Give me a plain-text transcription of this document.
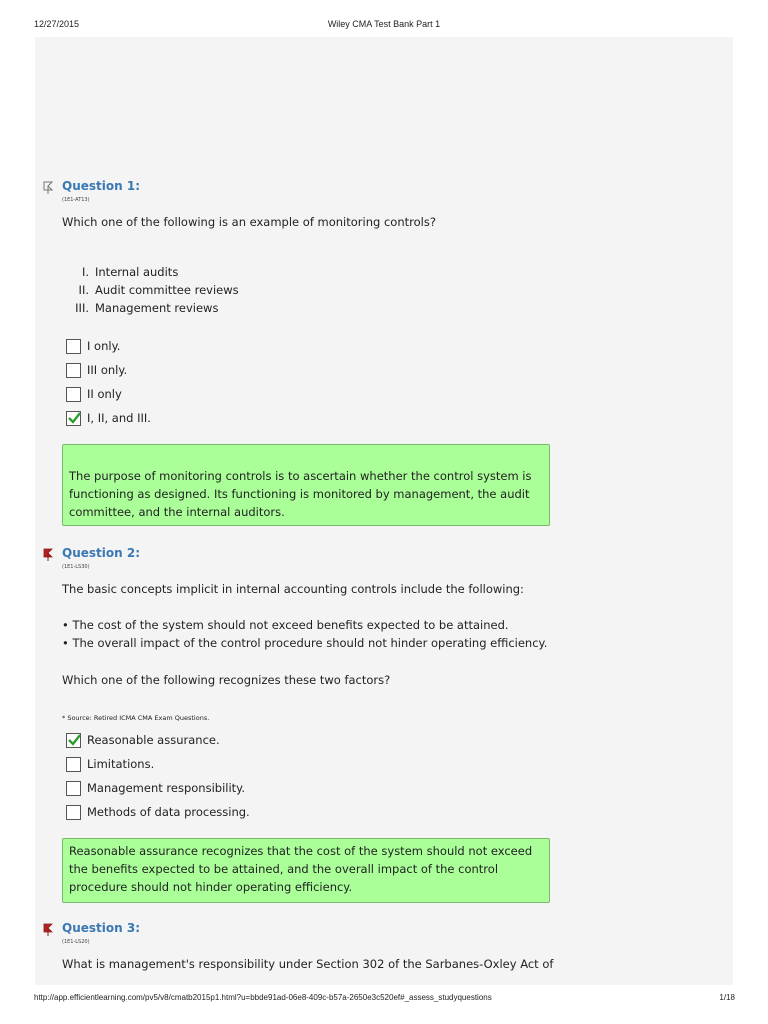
12/27/2015	Wiley CMA Test Bank Part 1
Question 1:
(1E1-AT13)
Which one of the following is an example of monitoring controls?
I. Internal audits
II. Audit committee reviews
III. Management reviews
I only.
III only.
II only
I, II, and III.
The purpose of monitoring controls is to ascertain whether the control system is functioning as designed. Its functioning is monitored by management, the audit committee, and the internal auditors.
Question 2:
(1E1-LS30)
The basic concepts implicit in internal accounting controls include the following:
• The cost of the system should not exceed benefits expected to be attained.
• The overall impact of the control procedure should not hinder operating efficiency.
Which one of the following recognizes these two factors?
* Source: Retired ICMA CMA Exam Questions.
Reasonable assurance.
Limitations.
Management responsibility.
Methods of data processing.
Reasonable assurance recognizes that the cost of the system should not exceed the benefits expected to be attained, and the overall impact of the control procedure should not hinder operating efficiency.
Question 3:
(1E1-LS20)
What is management's responsibility under Section 302 of the Sarbanes-Oxley Act of
http://app.efficientlearning.com/pv5/v8/cmatb2015p1.html?u=bbde91ad-06e8-409c-b57a-2650e3c520ef#_assess_studyquestions	1/18
